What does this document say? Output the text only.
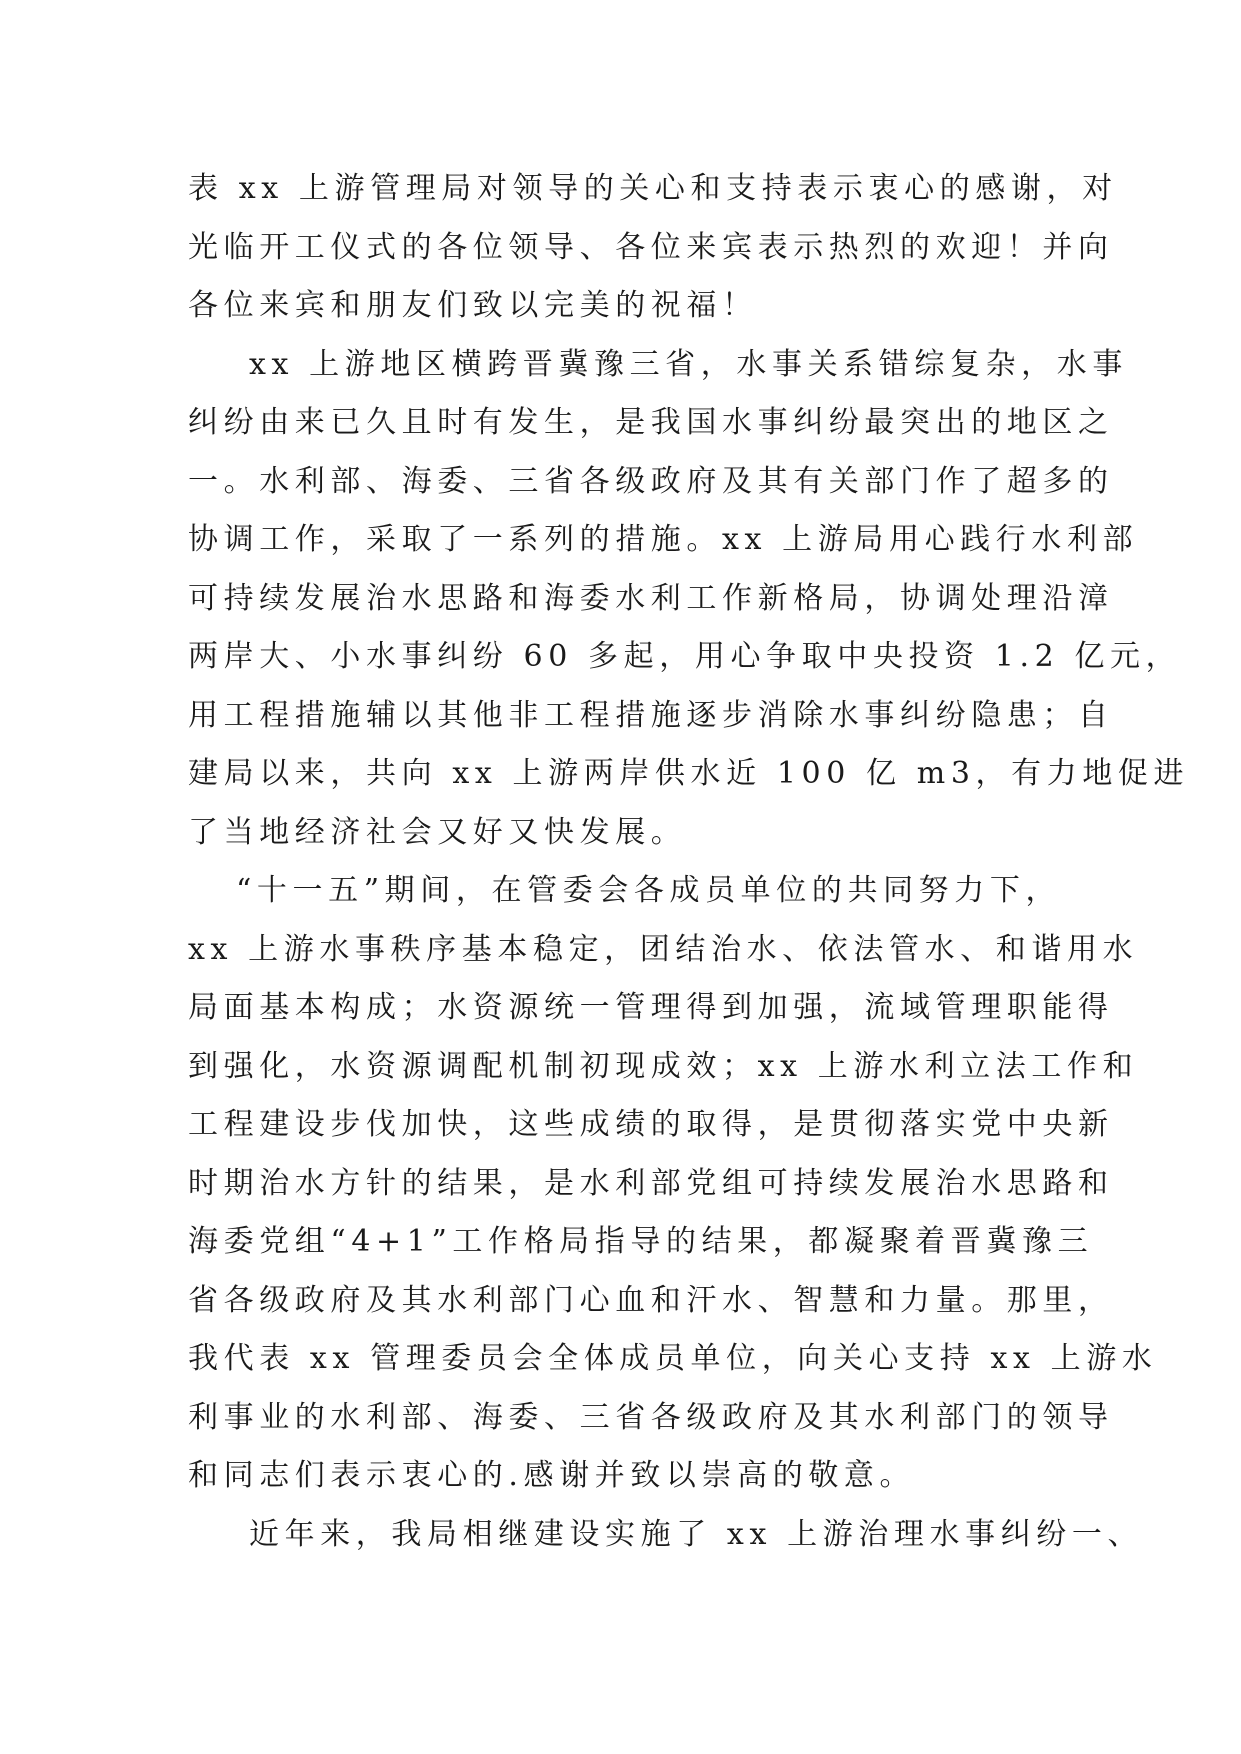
表 xx 上游管理局对领导的关心和支持表示衷心的感谢，对
光临开工仪式的各位领导、各位来宾表示热烈的欢迎！并向
各位来宾和朋友们致以完美的祝福！
xx 上游地区横跨晋冀豫三省，水事关系错综复杂，水事
纠纷由来已久且时有发生，是我国水事纠纷最突出的地区之
一。水利部、海委、三省各级政府及其有关部门作了超多的
协调工作，采取了一系列的措施。xx 上游局用心践行水利部
可持续发展治水思路和海委水利工作新格局，协调处理沿漳
两岸大、小水事纠纷 60 多起，用心争取中央投资 1.2 亿元，
用工程措施辅以其他非工程措施逐步消除水事纠纷隐患；自
建局以来，共向 xx 上游两岸供水近 100 亿 m3，有力地促进
了当地经济社会又好又快发展。
“十一五”期间，在管委会各成员单位的共同努力下，
xx 上游水事秩序基本稳定，团结治水、依法管水、和谐用水
局面基本构成；水资源统一管理得到加强，流域管理职能得
到强化，水资源调配机制初现成效；xx 上游水利立法工作和
工程建设步伐加快，这些成绩的取得，是贯彻落实党中央新
时期治水方针的结果，是水利部党组可持续发展治水思路和
海委党组“4+1”工作格局指导的结果，都凝聚着晋冀豫三
省各级政府及其水利部门心血和汗水、智慧和力量。那里，
我代表 xx 管理委员会全体成员单位，向关心支持 xx 上游水
利事业的水利部、海委、三省各级政府及其水利部门的领导
和同志们表示衷心的.感谢并致以崇高的敬意。
近年来，我局相继建设实施了 xx 上游治理水事纠纷一、
